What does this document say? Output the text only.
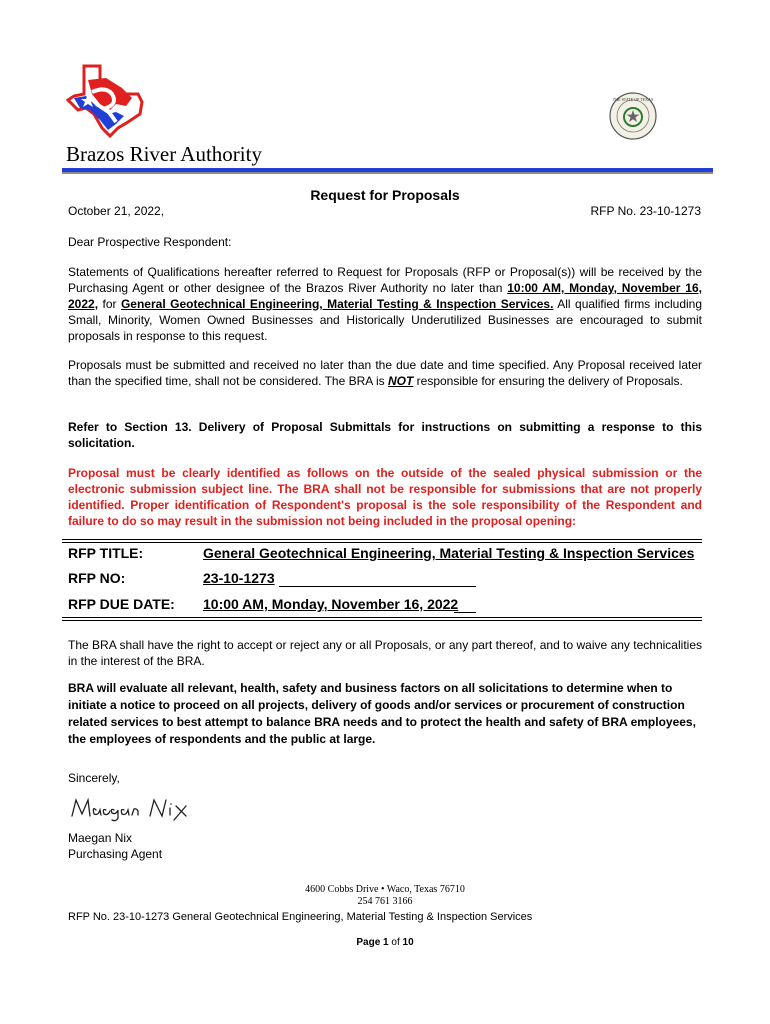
THE STATE OF TEXAS
Brazos River Authority
Request for Proposals
October 21, 2022,	RFP No. 23-10-1273
Dear Prospective Respondent:
Statements of Qualifications hereafter referred to Request for Proposals (RFP or Proposal(s)) will be received by the Purchasing Agent or other designee of the Brazos River Authority no later than 10:00 AM, Monday, November 16, 2022, for General Geotechnical Engineering, Material Testing & Inspection Services. All qualified firms including Small, Minority, Women Owned Businesses and Historically Underutilized Businesses are encouraged to submit proposals in response to this request.
Proposals must be submitted and received no later than the due date and time specified. Any Proposal received later than the specified time, shall not be considered. The BRA is NOT responsible for ensuring the delivery of Proposals.
Refer to Section 13. Delivery of Proposal Submittals for instructions on submitting a response to this solicitation.
Proposal must be clearly identified as follows on the outside of the sealed physical submission or the electronic submission subject line. The BRA shall not be responsible for submissions that are not properly identified. Proper identification of Respondent's proposal is the sole responsibility of the Respondent and failure to do so may result in the submission not being included in the proposal opening:
RFP TITLE:	General Geotechnical Engineering, Material Testing & Inspection Services
RFP NO:	23-10-1273
RFP DUE DATE: 10:00 AM, Monday, November 16, 2022
The BRA shall have the right to accept or reject any or all Proposals, or any part thereof, and to waive any technicalities in the interest of the BRA.
BRA will evaluate all relevant, health, safety and business factors on all solicitations to determine when to initiate a notice to proceed on all projects, delivery of goods and/or services or procurement of construction related services to best attempt to balance BRA needs and to protect the health and safety of BRA employees, the employees of respondents and the public at large.
Sincerely,
Maegan Nix
Purchasing Agent
4600 Cobbs Drive • Waco, Texas 76710
254 761 3166
RFP No. 23-10-1273 General Geotechnical Engineering, Material Testing & Inspection Services
Page 1 of 10
